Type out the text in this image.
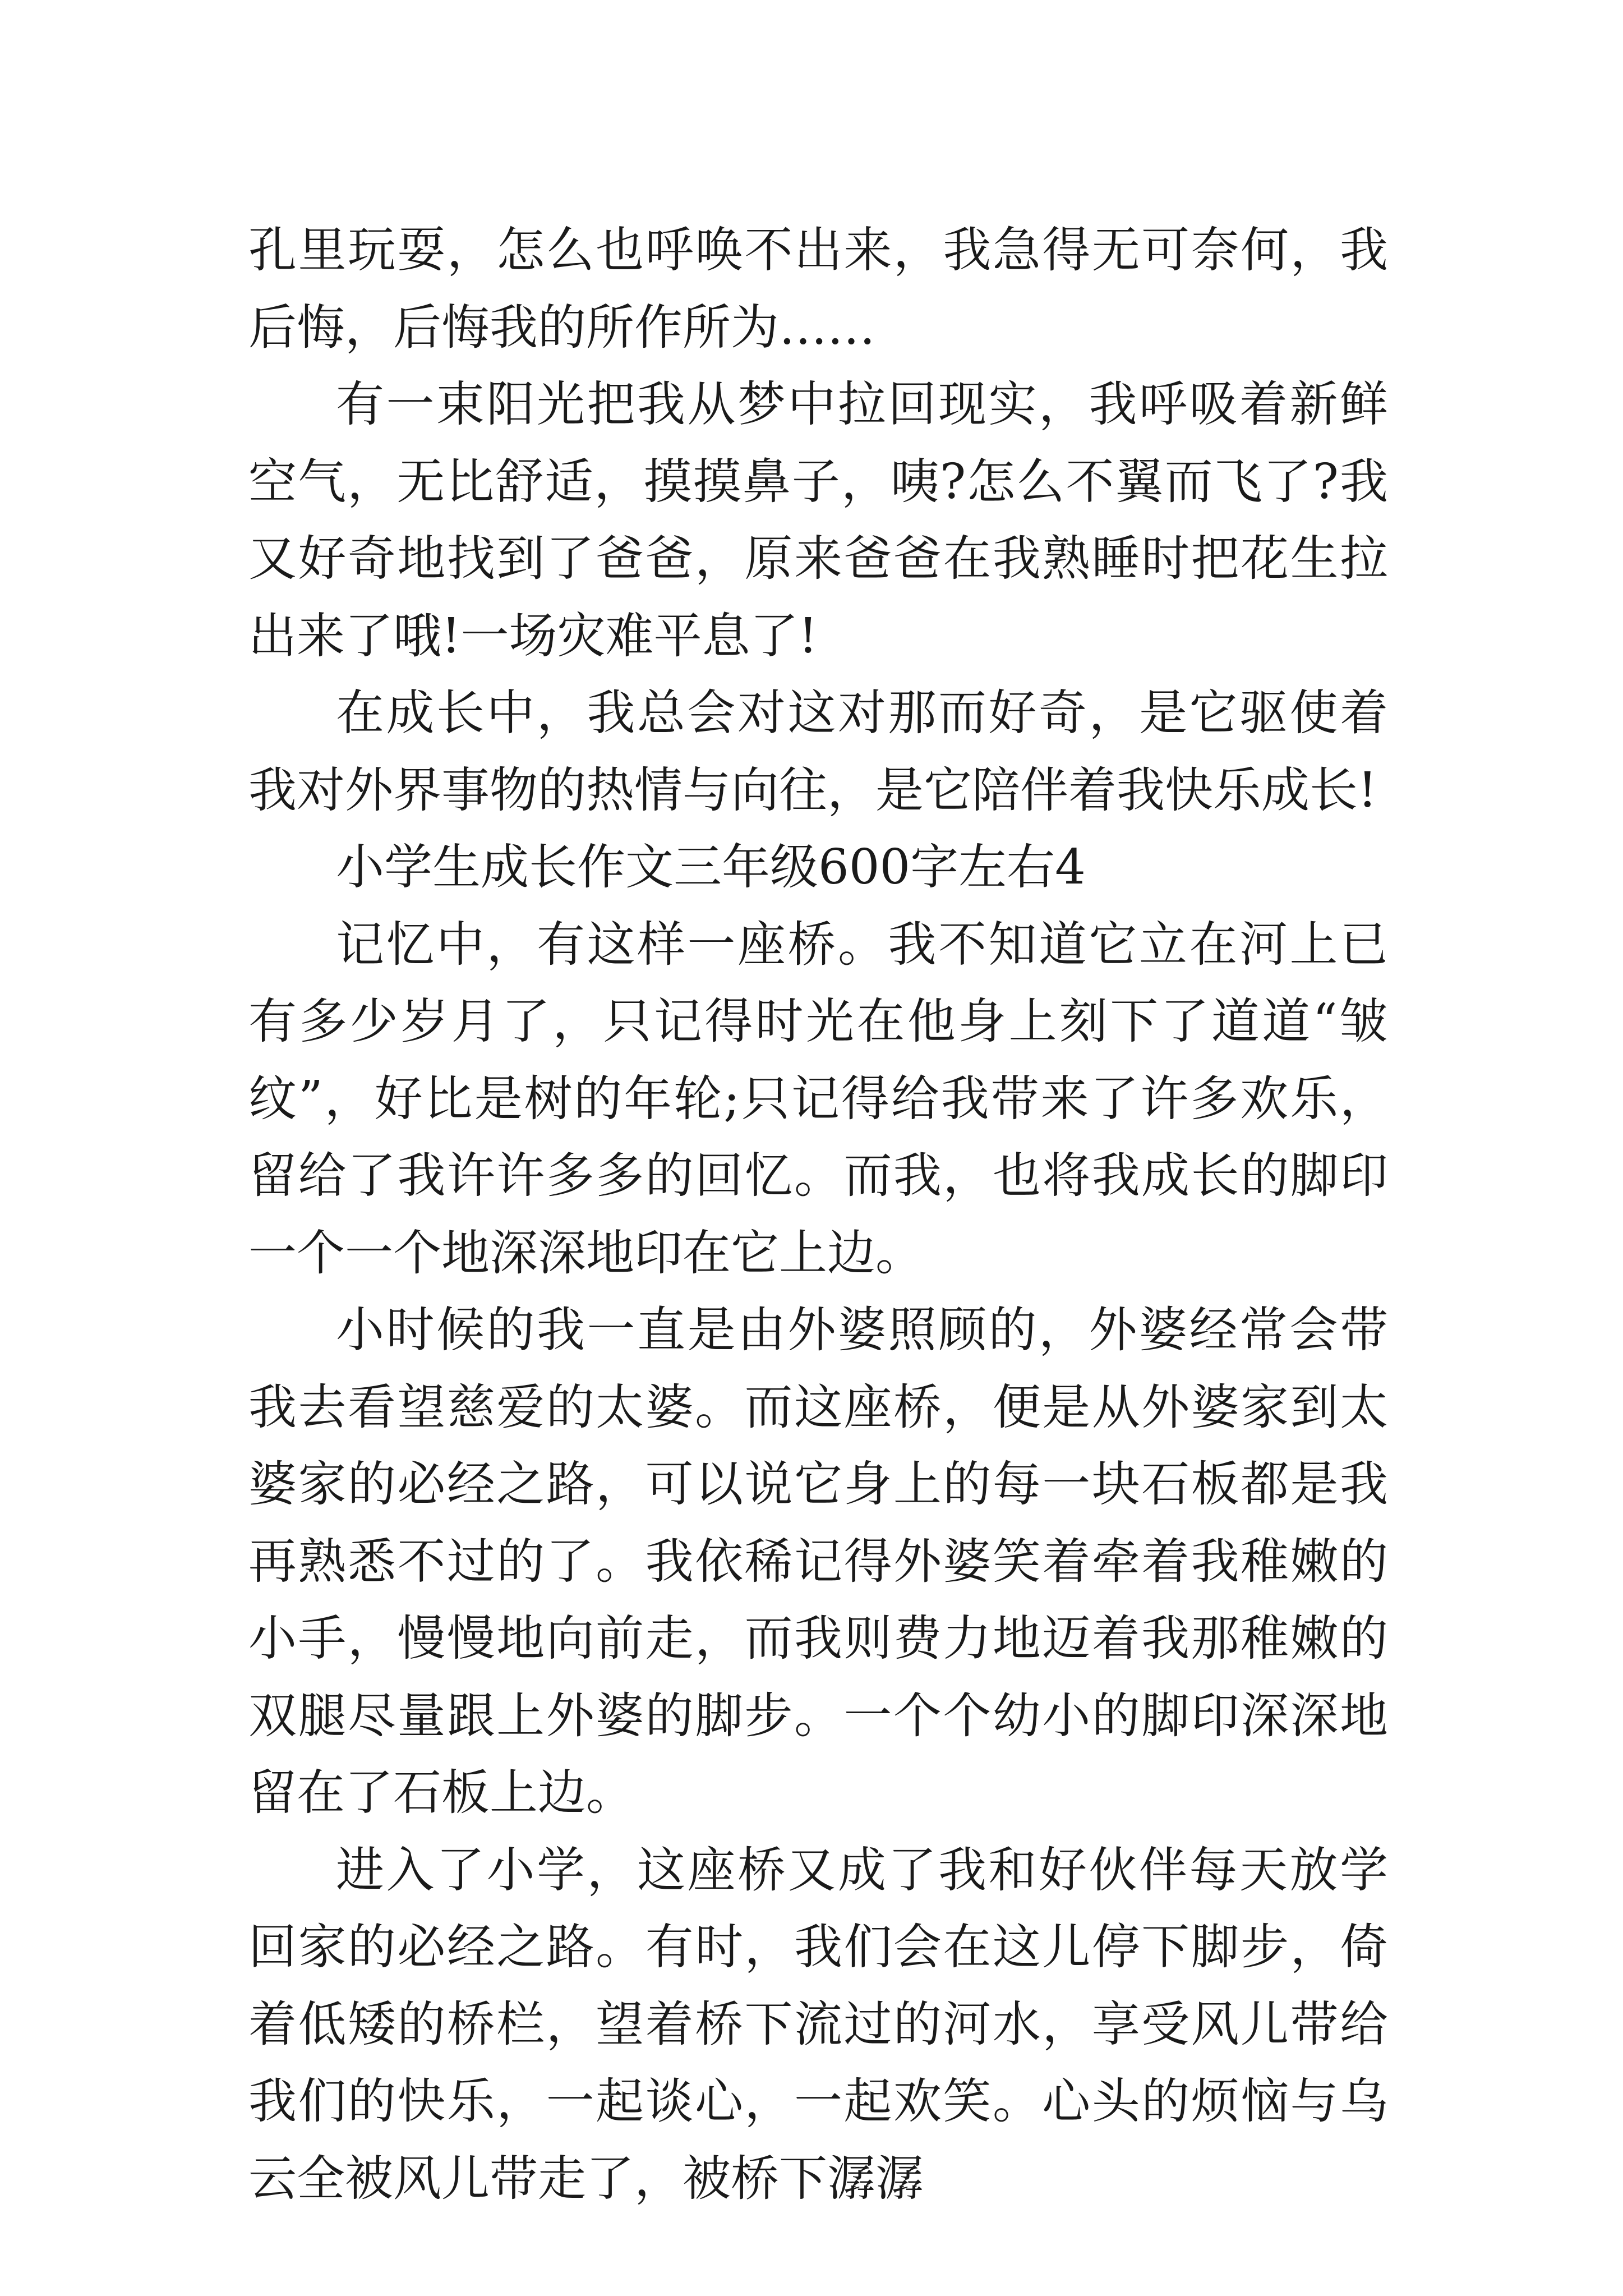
孔里玩耍，怎么也呼唤不出来，我急得无可奈何，我后悔，后悔我的所作所为……

有一束阳光把我从梦中拉回现实，我呼吸着新鲜空气，无比舒适，摸摸鼻子，咦?怎么不翼而飞了?我又好奇地找到了爸爸，原来爸爸在我熟睡时把花生拉出来了哦!一场灾难平息了!

在成长中，我总会对这对那而好奇，是它驱使着我对外界事物的热情与向往，是它陪伴着我快乐成长!

小学生成长作文三年级600字左右4

记忆中，有这样一座桥。我不知道它立在河上已有多少岁月了，只记得时光在他身上刻下了道道“皱纹”，好比是树的年轮;只记得给我带来了许多欢乐，留给了我许许多多的回忆。而我，也将我成长的脚印一个一个地深深地印在它上边。

小时候的我一直是由外婆照顾的，外婆经常会带我去看望慈爱的太婆。而这座桥，便是从外婆家到太婆家的必经之路，可以说它身上的每一块石板都是我再熟悉不过的了。我依稀记得外婆笑着牵着我稚嫩的小手，慢慢地向前走，而我则费力地迈着我那稚嫩的双腿尽量跟上外婆的脚步。一个个幼小的脚印深深地留在了石板上边。

进入了小学，这座桥又成了我和好伙伴每天放学回家的必经之路。有时，我们会在这儿停下脚步，倚着低矮的桥栏，望着桥下流过的河水，享受风儿带给我们的快乐，一起谈心，一起欢笑。心头的烦恼与乌云全被风儿带走了，被桥下潺潺
